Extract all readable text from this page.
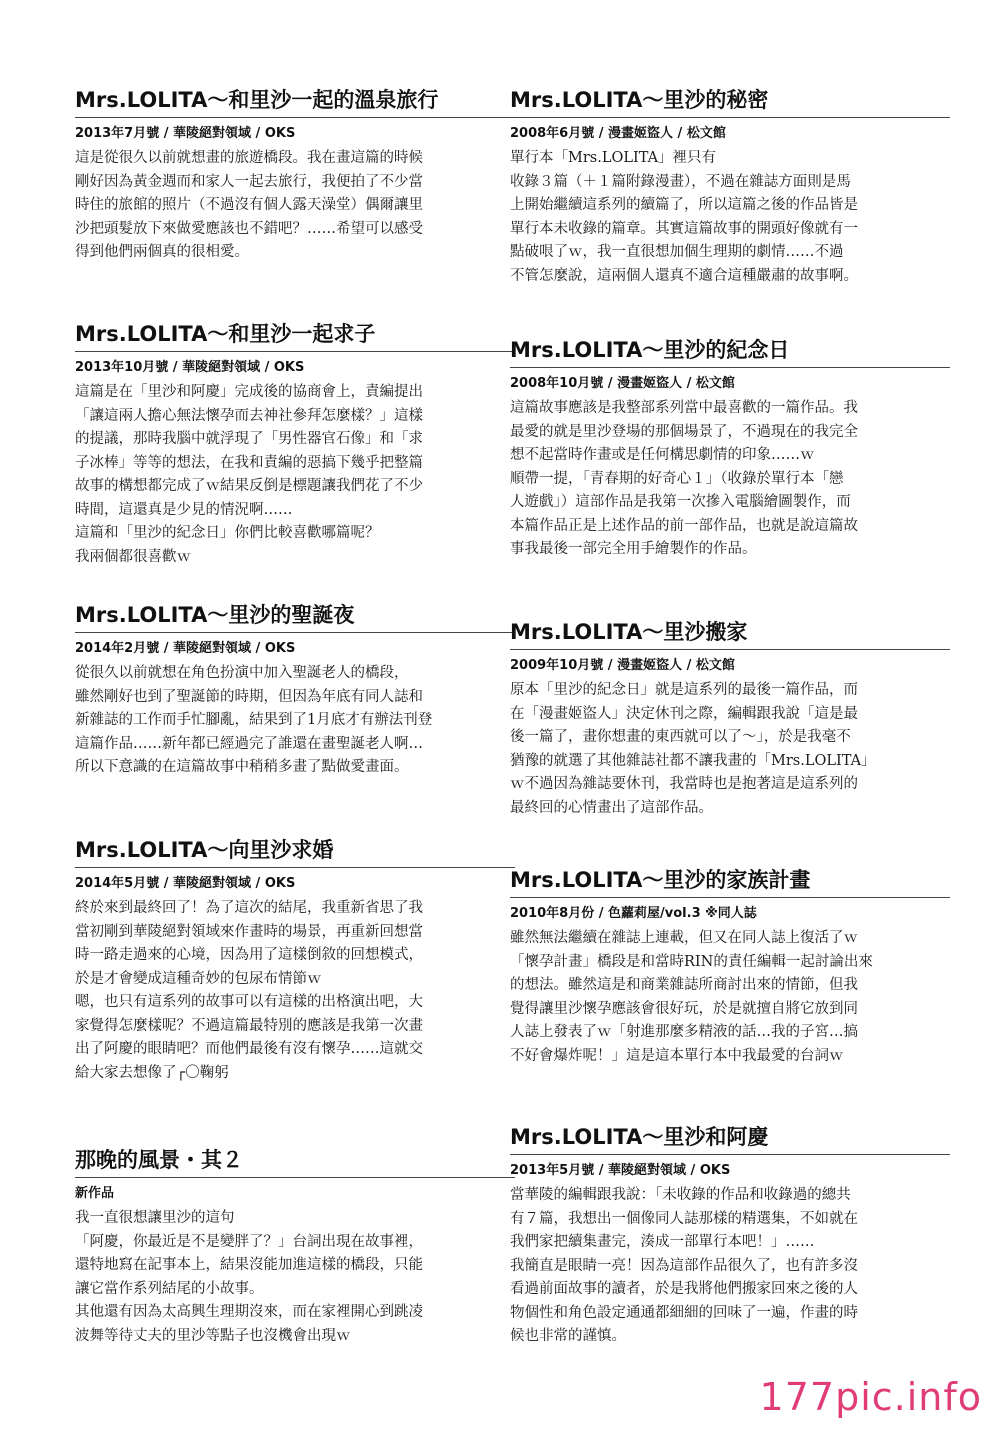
Mrs.LOLITA～和里沙一起的溫泉旅行
2013年7月號 / 華陵絕對領域 / OKS
這是從很久以前就想畫的旅遊橋段。我在畫這篇的時候
剛好因為黃金週而和家人一起去旅行，我便拍了不少當
時住的旅館的照片（不過沒有個人露天澡堂）偶爾讓里
沙把頭髮放下來做愛應該也不錯吧？……希望可以感受
得到他們兩個真的很相愛。
Mrs.LOLITA～和里沙一起求子
2013年10月號 / 華陵絕對領域 / OKS
這篇是在「里沙和阿慶」完成後的協商會上，責編提出
「讓這兩人擔心無法懷孕而去神社參拜怎麼樣？」這樣
的提議，那時我腦中就浮現了「男性器官石像」和「求
子冰棒」等等的想法，在我和責編的惡搞下幾乎把整篇
故事的構想都完成了ｗ結果反倒是標題讓我們花了不少
時間，這還真是少見的情況啊……
這篇和「里沙的紀念日」你們比較喜歡哪篇呢？
我兩個都很喜歡ｗ
Mrs.LOLITA～里沙的聖誕夜
2014年2月號 / 華陵絕對領域 / OKS
從很久以前就想在角色扮演中加入聖誕老人的橋段，
雖然剛好也到了聖誕節的時期，但因為年底有同人誌和
新雜誌的工作而手忙腳亂，結果到了1月底才有辦法刊登
這篇作品……新年都已經過完了誰還在畫聖誕老人啊…
所以下意識的在這篇故事中稍稍多畫了點做愛畫面。
Mrs.LOLITA～向里沙求婚
2014年5月號 / 華陵絕對領域 / OKS
終於來到最終回了！為了這次的結尾，我重新省思了我
當初剛到華陵絕對領域來作畫時的場景，再重新回想當
時一路走過來的心境，因為用了這樣倒敘的回想模式，
於是才會變成這種奇妙的包尿布情節ｗ
嗯，也只有這系列的故事可以有這樣的出格演出吧，大
家覺得怎麼樣呢？不過這篇最特別的應該是我第一次畫
出了阿慶的眼睛吧？而他們最後有沒有懷孕……這就交
給大家去想像了┌〇鞠躬
那晚的風景・其２
新作品
我一直很想讓里沙的這句
「阿慶，你最近是不是變胖了？」台詞出現在故事裡，
還特地寫在記事本上，結果沒能加進這樣的橋段，只能
讓它當作系列結尾的小故事。
其他還有因為太高興生理期沒來，而在家裡開心到跳凌
波舞等待丈夫的里沙等點子也沒機會出現ｗ
Mrs.LOLITA～里沙的秘密
2008年6月號 / 漫畫姬盜人 / 松文館
單行本「Mrs.LOLITA」裡只有
收錄３篇（＋１篇附錄漫畫），不過在雜誌方面則是馬
上開始繼續這系列的續篇了，所以這篇之後的作品皆是
單行本未收錄的篇章。其實這篇故事的開頭好像就有一
點破哏了ｗ，我一直很想加個生理期的劇情……不過
不管怎麼說，這兩個人還真不適合這種嚴肅的故事啊。
Mrs.LOLITA～里沙的紀念日
2008年10月號 / 漫畫姬盜人 / 松文館
這篇故事應該是我整部系列當中最喜歡的一篇作品。我
最愛的就是里沙登場的那個場景了，不過現在的我完全
想不起當時作畫或是任何構思劇情的印象……ｗ
順帶一提，「青春期的好奇心１」（收錄於單行本「戀
人遊戲」）這部作品是我第一次摻入電腦繪圖製作，而
本篇作品正是上述作品的前一部作品，也就是說這篇故
事我最後一部完全用手繪製作的作品。
Mrs.LOLITA～里沙搬家
2009年10月號 / 漫畫姬盜人 / 松文館
原本「里沙的紀念日」就是這系列的最後一篇作品，而
在「漫畫姬盜人」決定休刊之際，編輯跟我說「這是最
後一篇了，畫你想畫的東西就可以了～」，於是我毫不
猶豫的就選了其他雜誌社都不讓我畫的「Mrs.LOLITA」
ｗ不過因為雜誌要休刊，我當時也是抱著這是這系列的
最終回的心情畫出了這部作品。
Mrs.LOLITA～里沙的家族計畫
2010年8月份 / 色蘿莉屋/vol.3 ※同人誌
雖然無法繼續在雜誌上連載，但又在同人誌上復活了ｗ
「懷孕計畫」橋段是和當時RIN的責任編輯一起討論出來
的想法。雖然這是和商業雜誌所商討出來的情節，但我
覺得讓里沙懷孕應該會很好玩，於是就擅自將它放到同
人誌上發表了ｗ「射進那麼多精液的話…我的子宮…搞
不好會爆炸呢！」這是這本單行本中我最愛的台詞ｗ
Mrs.LOLITA～里沙和阿慶
2013年5月號 / 華陵絕對領域 / OKS
當華陵的編輯跟我說：「未收錄的作品和收錄過的總共
有７篇，我想出一個像同人誌那樣的精選集，不如就在
我們家把續集畫完，湊成一部單行本吧！」……
我簡直是眼睛一亮！因為這部作品很久了，也有許多沒
看過前面故事的讀者，於是我將他們搬家回來之後的人
物個性和角色設定通通都細細的回味了一遍，作畫的時
候也非常的謹慎。
177pic.info
